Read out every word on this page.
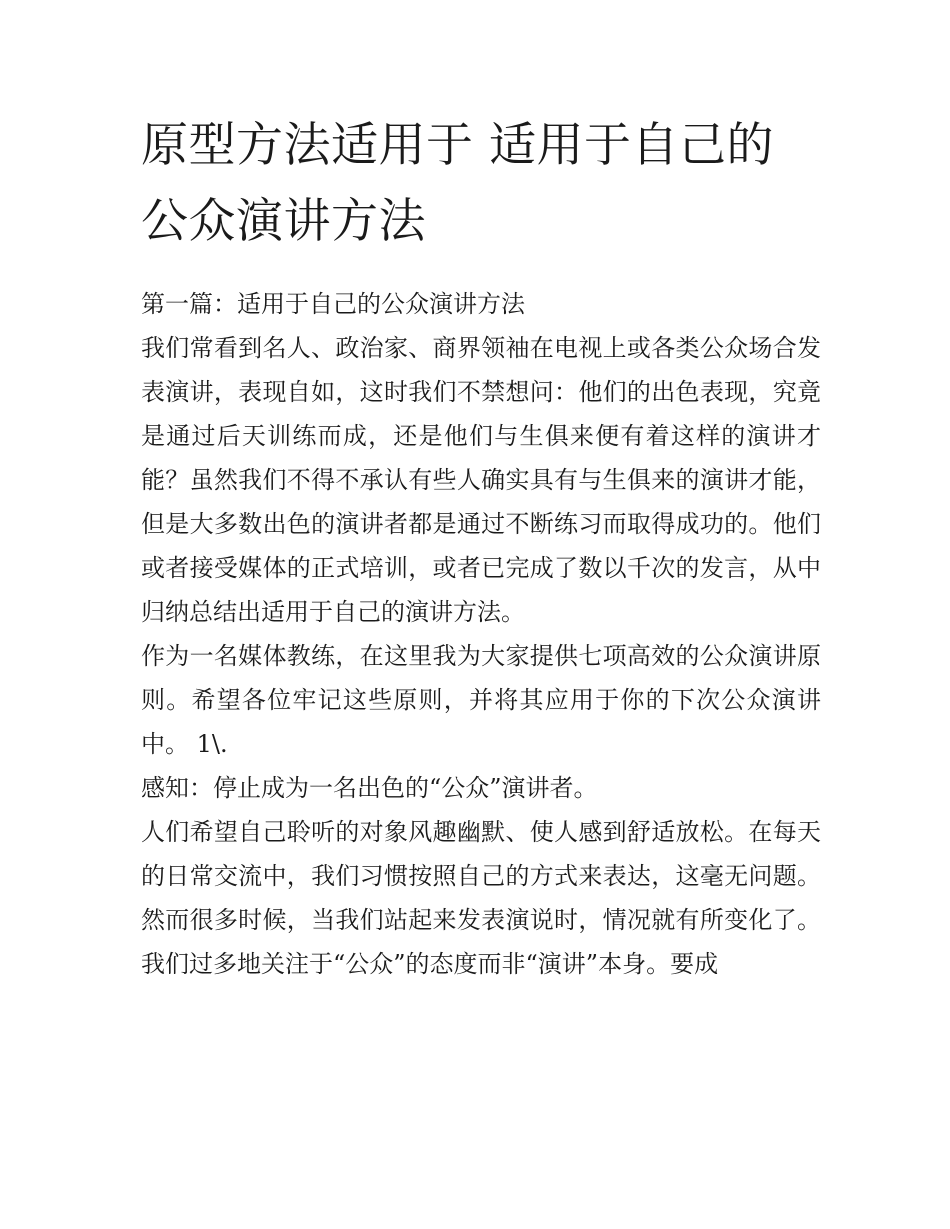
原型方法适用于 适用于自己的公众演讲方法

第一篇：适用于自己的公众演讲方法

我们常看到名人、政治家、商界领袖在电视上或各类公众场合发表演讲，表现自如，这时我们不禁想问：他们的出色表现，究竟是通过后天训练而成，还是他们与生俱来便有着这样的演讲才能？虽然我们不得不承认有些人确实具有与生俱来的演讲才能，但是大多数出色的演讲者都是通过不断练习而取得成功的。他们或者接受媒体的正式培训，或者已完成了数以千次的发言，从中归纳总结出适用于自己的演讲方法。

作为一名媒体教练，在这里我为大家提供七项高效的公众演讲原则。希望各位牢记这些原则，并将其应用于你的下次公众演讲中。 1\.

感知：停止成为一名出色的“公众”演讲者。

人们希望自己聆听的对象风趣幽默、使人感到舒适放松。在每天的日常交流中，我们习惯按照自己的方式来表达，这毫无问题。然而很多时候，当我们站起来发表演说时，情况就有所变化了。我们过多地关注于“公众”的态度而非“演讲”本身。要成
